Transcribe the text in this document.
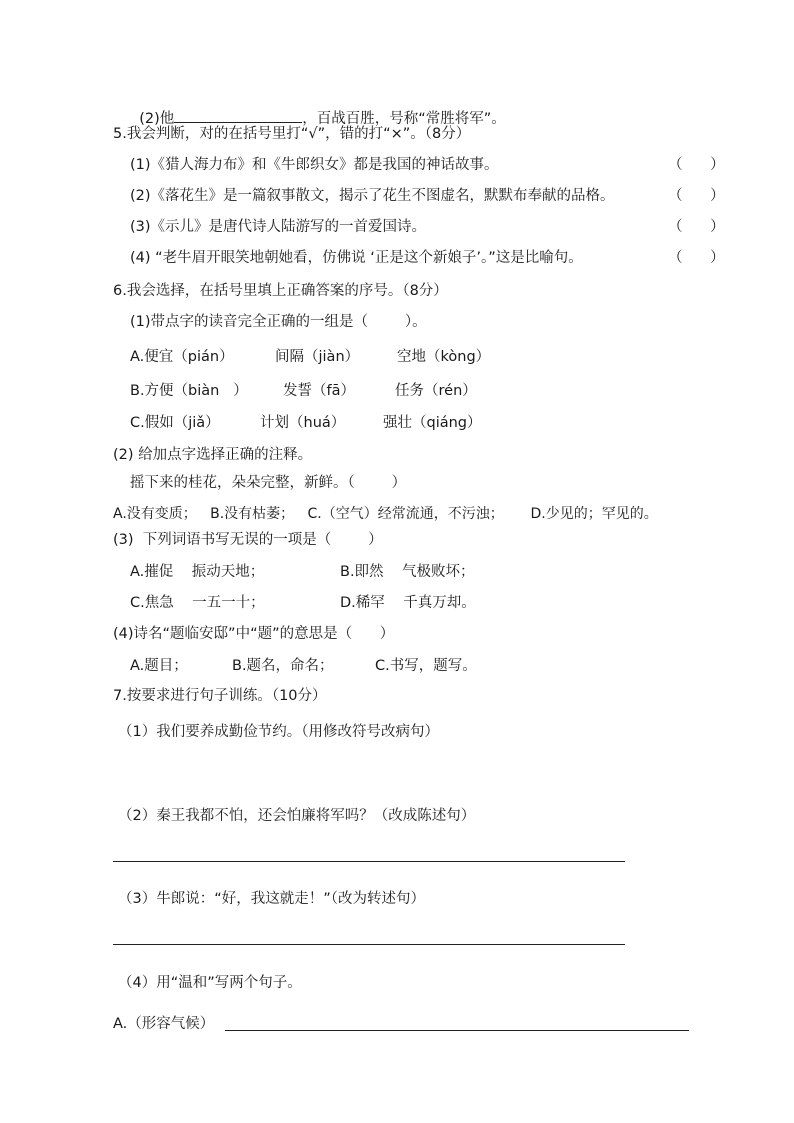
(2)他	，百战百胜，号称“常胜将军”。

5.我会判断，对的在括号里打“√”，错的打“×”。（8分）
(1)《猎人海力布》和《牛郎织女》都是我国的神话故事。	（      ）
(2)《落花生》是一篇叙事散文，揭示了花生不图虚名，默默布奉献的品格。	（      ）
(3)《示儿》是唐代诗人陆游写的一首爱国诗。	（      ）
(4) “老牛眉开眼笑地朝她看，仿佛说 ‘正是这个新娘子’。”这是比喻句。	（      ）
6.我会选择，在括号里填上正确答案的序号。（8分）
(1)带点字的读音完全正确的一组是（        ）。
A.便宜（pián）	间隔（jiàn）	空地（kòng）
B.方便（biàn   ） 发誓（fā）	任务（rén）
C.假如（jiǎ）	计划（huá）	强壮（qiáng）
(2) 给加点字选择正确的注释。
摇下来的桂花，朵朵完整，新鲜。（        ）
A.没有变质；   B.没有枯萎；   C.（空气）经常流通，不污浊；      D.少见的；罕见的。
(3)  下列词语书写无误的一项是（        ）
A.摧促    振动天地；	B.即然    气极败坏；
C.焦急    一五一十；	D.稀罕    千真万却。
(4)诗名“题临安邸”中“题”的意思是（      ）
A.题目；	B.题名，命名；	C.书写，题写。
7.按要求进行句子训练。（10分）
（1）我们要养成勤俭节约。（用修改符号改病句）
（2）秦王我都不怕，还会怕廉将军吗？（改成陈述句）
（3）牛郎说：“好，我这就走！”（改为转述句）
（4）用“温和”写两个句子。
A.（形容气候）
